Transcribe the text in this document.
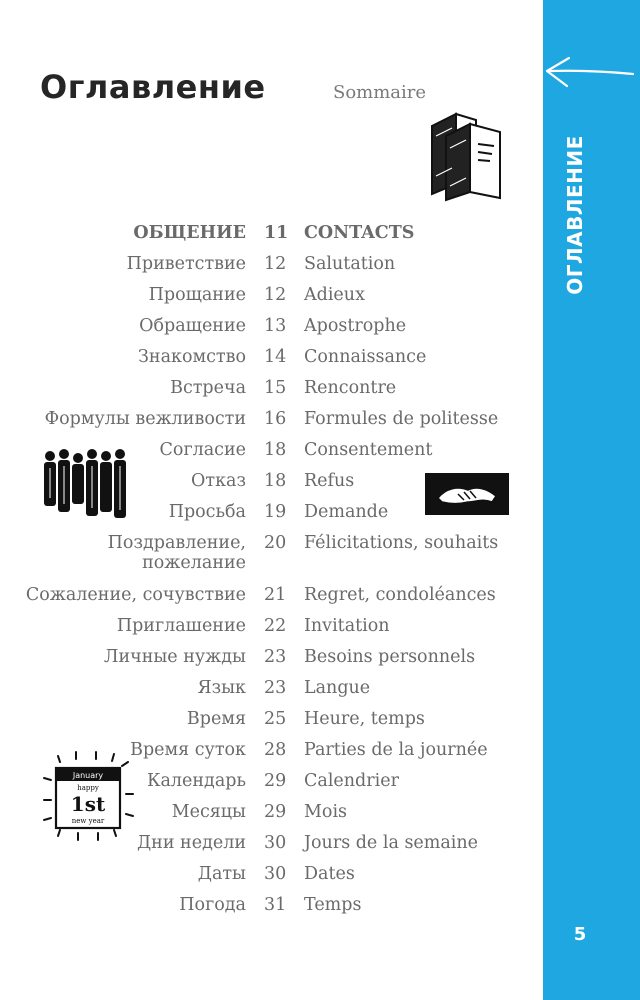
ОГЛАВЛЕНИЕ
5
Оглавление	Sommaire
January
happy
1st
new year
ОБЩЕНИЕ 11 CONTACTS
Приветствие 12 Salutation
Прощание 12 Adieux
Обращение 13 Apostrophe
Знакомство 14 Connaissance
Встреча 15 Rencontre
Формулы вежливости 16 Formules de politesse
Согласие 18 Consentement
Отказ 18 Refus
Просьба 19 Demande
Поздравление,
пожелание
20 Félicitations, souhaits
Сожаление, сочувствие 21 Regret, condoléances
Приглашение 22 Invitation
Личные нужды 23 Besoins personnels
Язык 23 Langue
Время 25 Heure, temps
Время суток 28 Parties de la journée
Календарь 29 Calendrier
Месяцы 29 Mois
Дни недели 30 Jours de la semaine
Даты 30 Dates
Погода 31 Temps
